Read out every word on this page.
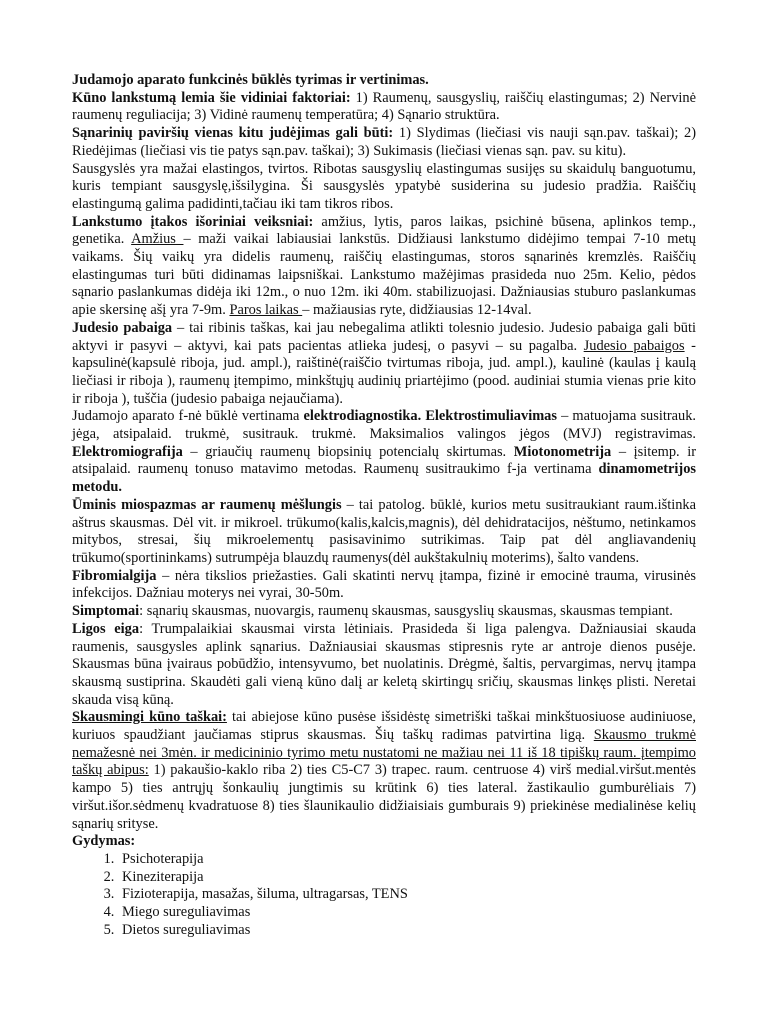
Judamojo aparato funkcinės būklės tyrimas ir vertinimas.

Kūno lankstumą lemia šie vidiniai faktoriai: 1) Raumenų, sausgyslių, raiščių elastingumas; 2) Nervinė raumenų reguliacija; 3) Vidinė raumenų temperatūra; 4) Sąnario struktūra.

Sąnarinių paviršių vienas kitu judėjimas gali būti: 1) Slydimas (liečiasi vis nauji sąn.pav. taškai); 2) Riedėjimas (liečiasi vis tie patys sąn.pav. taškai); 3) Sukimasis (liečiasi vienas sąn. pav. su kitu).

Sausgyslės yra mažai elastingos, tvirtos. Ribotas sausgyslių elastingumas susijęs su skaidulų banguotumu, kuris tempiant sausgyslę,išsilygina. Ši sausgyslės ypatybė susiderina su judesio pradžia. Raiščių elastingumą galima padidinti,tačiau iki tam tikros ribos.

Lankstumo įtakos išoriniai veiksniai: amžius, lytis, paros laikas, psichinė būsena, aplinkos temp., genetika. Amžius – maži vaikai labiausiai lankstūs. Didžiausi lankstumo didėjimo tempai 7-10 metų vaikams. Šių vaikų yra didelis raumenų, raiščių elastingumas, storos sąnarinės kremzlės. Raiščių elastingumas turi būti didinamas laipsniškai. Lankstumo mažėjimas prasideda nuo 25m. Kelio, pėdos sąnario paslankumas didėja iki 12m., o nuo 12m. iki 40m. stabilizuojasi. Dažniausias stuburo paslankumas apie skersinę ašį yra 7-9m. Paros laikas – mažiausias ryte, didžiausias 12-14val.

Judesio pabaiga – tai ribinis taškas, kai jau nebegalima atlikti tolesnio judesio. Judesio pabaiga gali būti aktyvi ir pasyvi – aktyvi, kai pats pacientas atlieka judesį, o pasyvi – su pagalba. Judesio pabaigos - kapsulinė(kapsulė riboja, jud. ampl.), raištinė(raiščio tvirtumas riboja, jud. ampl.), kaulinė (kaulas į kaulą liečiasi ir riboja ), raumenų įtempimo, minkštųjų audinių priartėjimo (pood. audiniai stumia vienas prie kito ir riboja ), tuščia (judesio pabaiga nejaučiama).

Judamojo aparato f-nė būklė vertinama elektrodiagnostika. Elektrostimuliavimas – matuojama susitrauk. jėga, atsipalaid. trukmė, susitrauk. trukmė. Maksimalios valingos jėgos (MVJ) registravimas. Elektromiografija – griaučių raumenų biopsinių potencialų skirtumas. Miotonometrija – įsitemp. ir atsipalaid. raumenų tonuso matavimo metodas. Raumenų susitraukimo f-ja vertinama dinamometrijos metodu.

Ūminis miospazmas ar raumenų mėšlungis – tai patolog. būklė, kurios metu susitraukiant raum.ištinka aštrus skausmas. Dėl vit. ir mikroel. trūkumo(kalis,kalcis,magnis), dėl dehidratacijos, nėštumo, netinkamos mitybos, stresai, šių mikroelementų pasisavinimo sutrikimas. Taip pat dėl angliavandenių trūkumo(sportininkams) sutrumpėja blauzdų raumenys(dėl aukštakulnių moterims), šalto vandens.

Fibromialgija – nėra tikslios priežasties. Gali skatinti nervų įtampa, fizinė ir emocinė trauma, virusinės infekcijos. Dažniau moterys nei vyrai, 30-50m.

Simptomai: sąnarių skausmas, nuovargis, raumenų skausmas, sausgyslių skausmas, skausmas tempiant.

Ligos eiga: Trumpalaikiai skausmai virsta lėtiniais. Prasideda ši liga palengva. Dažniausiai skauda raumenis, sausgysles aplink sąnarius. Dažniausiai skausmas stipresnis ryte ar antroje dienos pusėje. Skausmas būna įvairaus pobūdžio, intensyvumo, bet nuolatinis. Drėgmė, šaltis, pervargimas, nervų įtampa skausmą sustiprina. Skaudėti gali vieną kūno dalį ar keletą skirtingų sričių, skausmas linkęs plisti. Neretai skauda visą kūną.

Skausmingi kūno taškai: tai abiejose kūno pusėse išsidėstę simetriški taškai minkštuosiuose audiniuose, kuriuos spaudžiant jaučiamas stiprus skausmas. Šių taškų radimas patvirtina ligą. Skausmo trukmė nemažesnė nei 3mėn. ir medicininio tyrimo metu nustatomi ne mažiau nei 11 iš 18 tipiškų raum. įtempimo taškų abipus: 1) pakaušio-kaklo riba 2) ties C5-C7 3) trapec. raum. centruose 4) virš medial.viršut.mentės kampo 5) ties antrųjų šonkaulių jungtimis su krūtink 6) ties lateral. žastikaulio gumburėliais 7) viršut.išor.sėdmenų kvadratuose 8) ties šlaunikaulio didžiaisiais gumburais 9) priekinėse medialinėse kelių sąnarių srityse.

Gydymas:

1. Psichoterapija
2. Kineziterapija
3. Fizioterapija, masažas, šiluma, ultragarsas, TENS
4. Miego sureguliavimas
5. Dietos sureguliavimas
